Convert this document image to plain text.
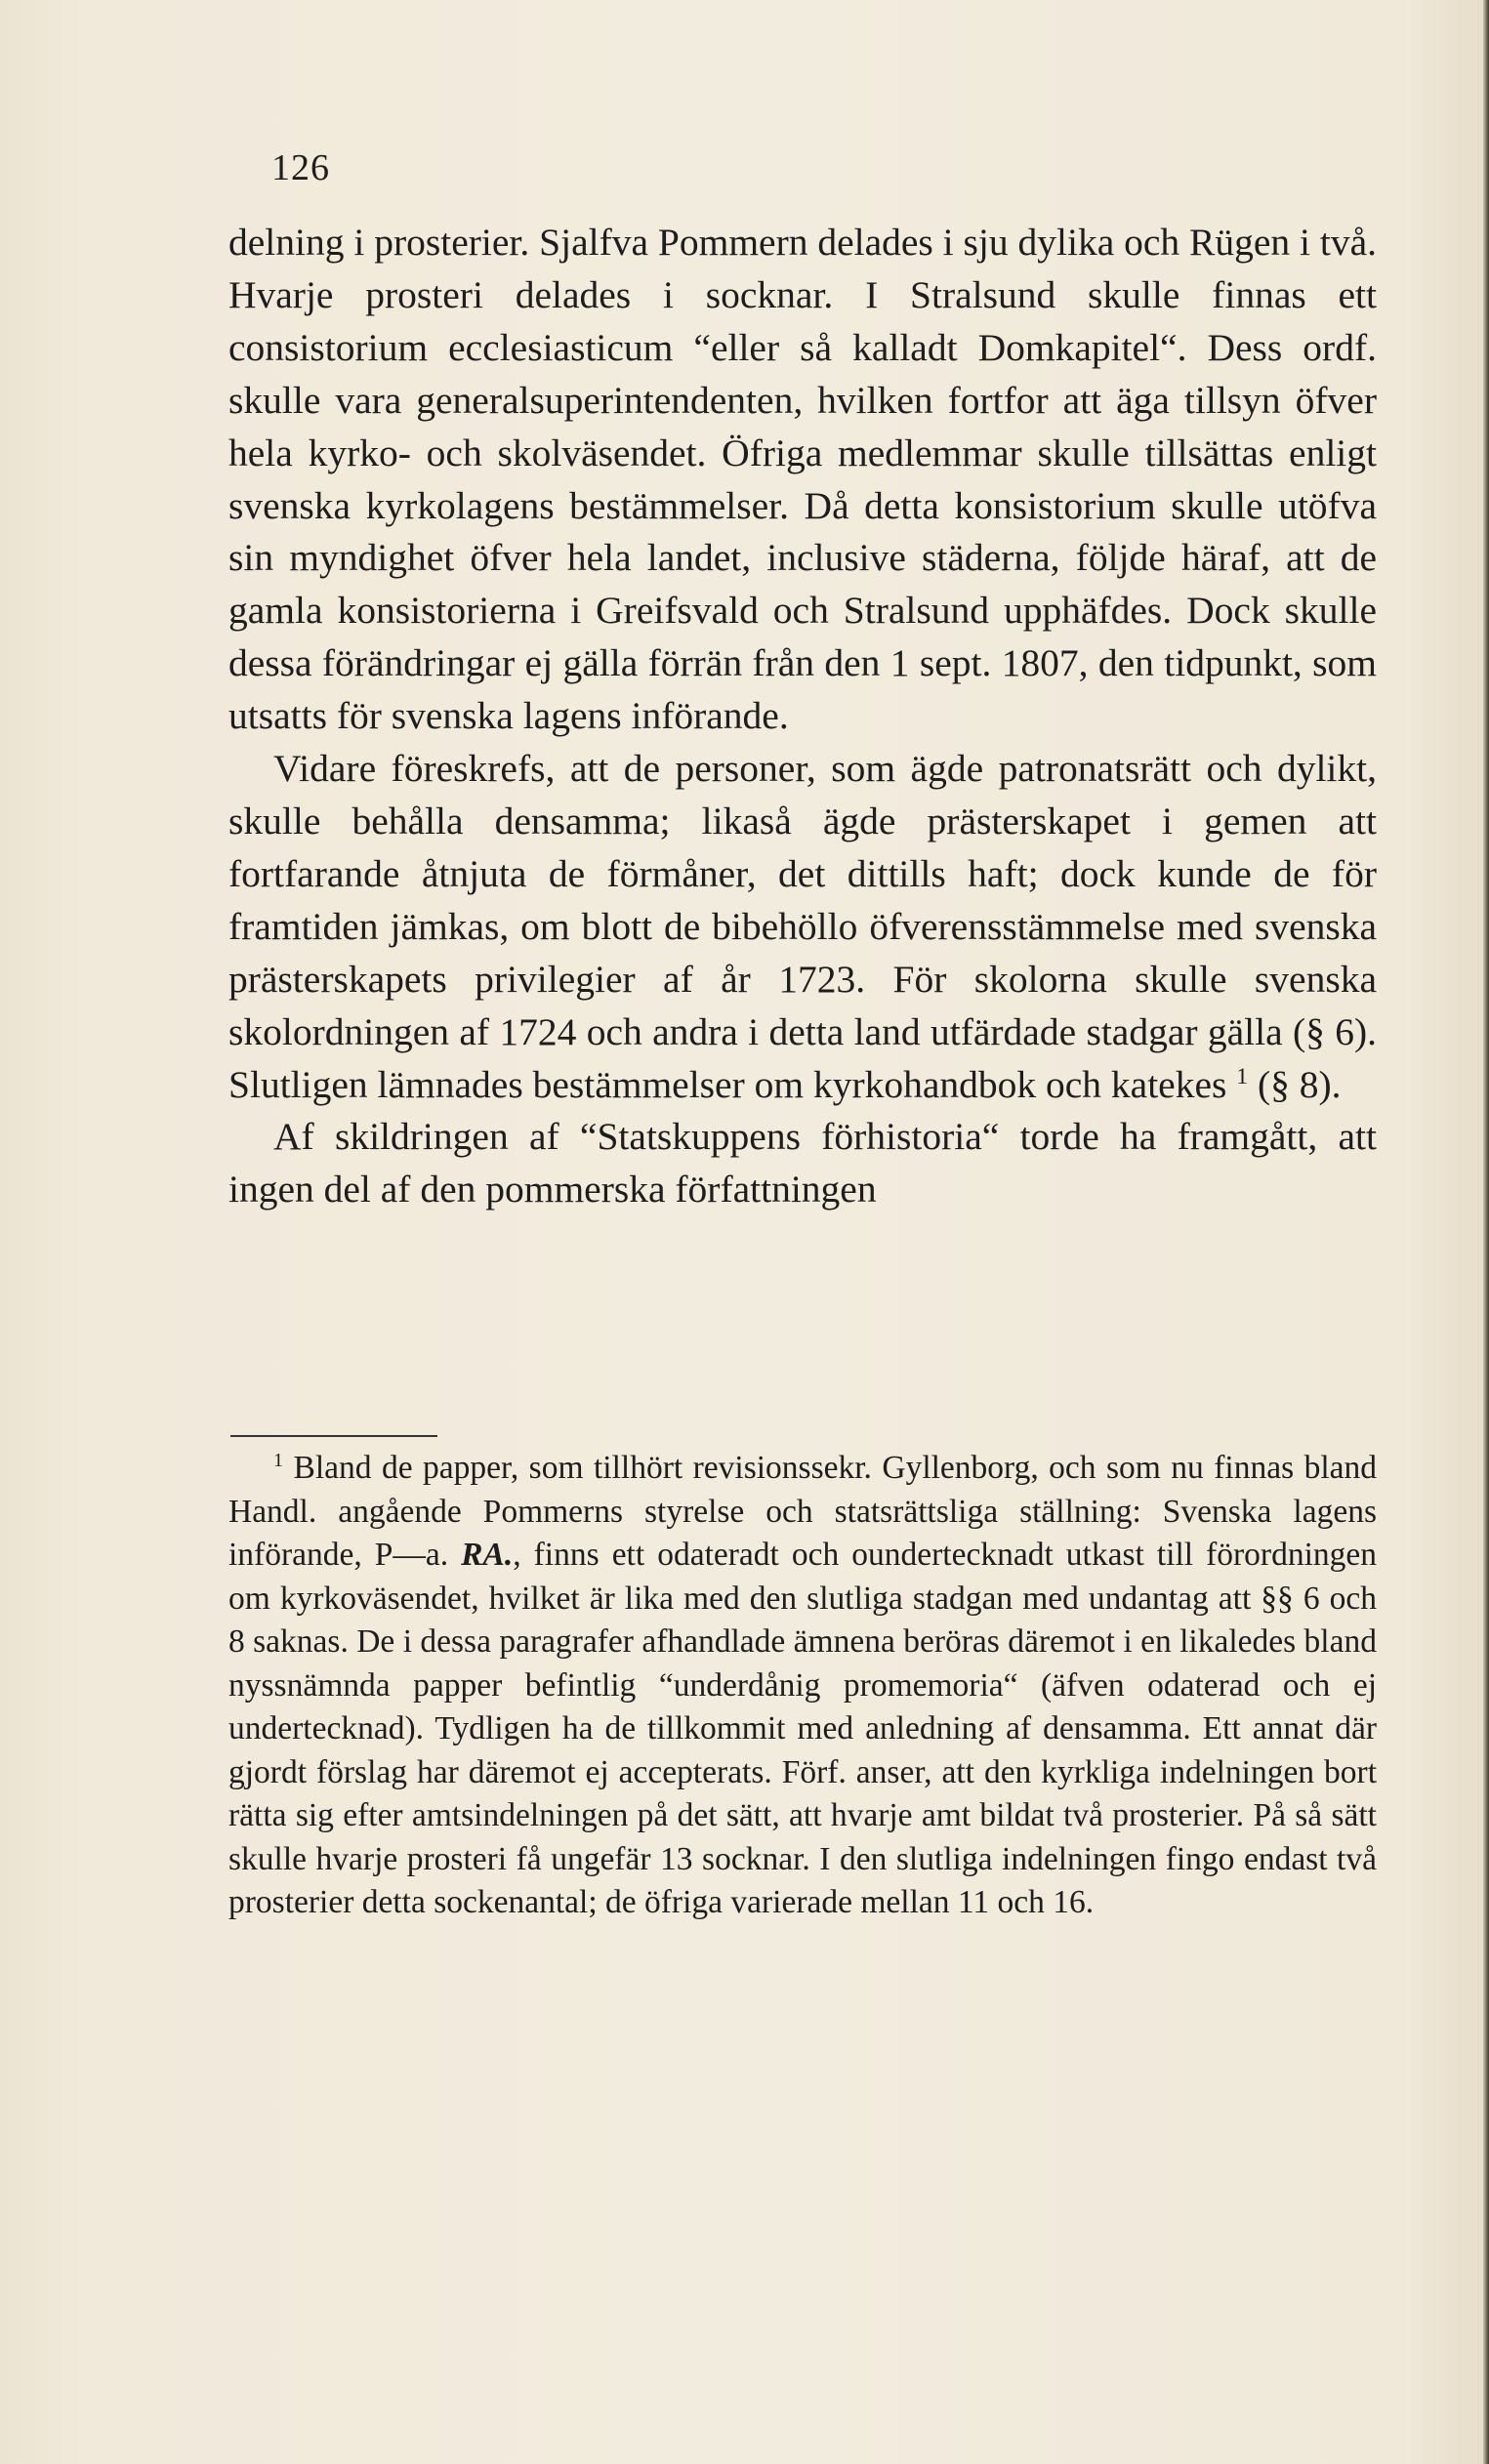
126

delning i prosterier. Sjalfva Pommern delades i sju dylika och Rügen i två. Hvarje prosteri delades i socknar. I Stralsund skulle finnas ett consistorium ecclesiasticum “eller så kalladt Domkapitel“. Dess ordf. skulle vara generalsuperintendenten, hvilken fortfor att äga tillsyn öfver hela kyrko- och skolväsendet. Öfriga medlemmar skulle tillsättas enligt svenska kyrkolagens bestämmelser. Då detta konsistorium skulle utöfva sin myndighet öfver hela landet, inclusive städerna, följde häraf, att de gamla konsistorierna i Greifsvald och Stralsund upphäfdes. Dock skulle dessa förändringar ej gälla förrän från den 1 sept. 1807, den tidpunkt, som utsatts för svenska lagens införande.

Vidare föreskrefs, att de personer, som ägde patronatsrätt och dylikt, skulle behålla densamma; likaså ägde prästerskapet i gemen att fortfarande åtnjuta de förmåner, det dittills haft; dock kunde de för framtiden jämkas, om blott de bibehöllo öfverensstämmelse med svenska prästerskapets privilegier af år 1723. För skolorna skulle svenska skolordningen af 1724 och andra i detta land utfärdade stadgar gälla (§ 6). Slutligen lämnades bestämmelser om kyrkohandbok och katekes $^1$ (§ 8).

Af skildringen af “Statskuppens förhistoria“ torde ha framgått, att ingen del af den pommerska författningen

$^1$ Bland de papper, som tillhört revisionssekr. Gyllenborg, och som nu finnas bland Handl. angående Pommerns styrelse och statsrättsliga ställning: Svenska lagens införande, P—a. RA., finns ett odateradt och oundertecknadt utkast till förordningen om kyrkoväsendet, hvilket är lika med den slutliga stadgan med undantag att §§ 6 och 8 saknas. De i dessa paragrafer afhandlade ämnena beröras däremot i en likaledes bland nyssnämnda papper befintlig “underdånig promemoria“ (äfven odaterad och ej undertecknad). Tydligen ha de tillkommit med anledning af densamma. Ett annat där gjordt förslag har däremot ej accepterats. Förf. anser, att den kyrkliga indelningen bort rätta sig efter amtsindelningen på det sätt, att hvarje amt bildat två prosterier. På så sätt skulle hvarje prosteri få ungefär 13 socknar. I den slutliga indelningen fingo endast två prosterier detta sockenantal; de öfriga varierade mellan 11 och 16.
